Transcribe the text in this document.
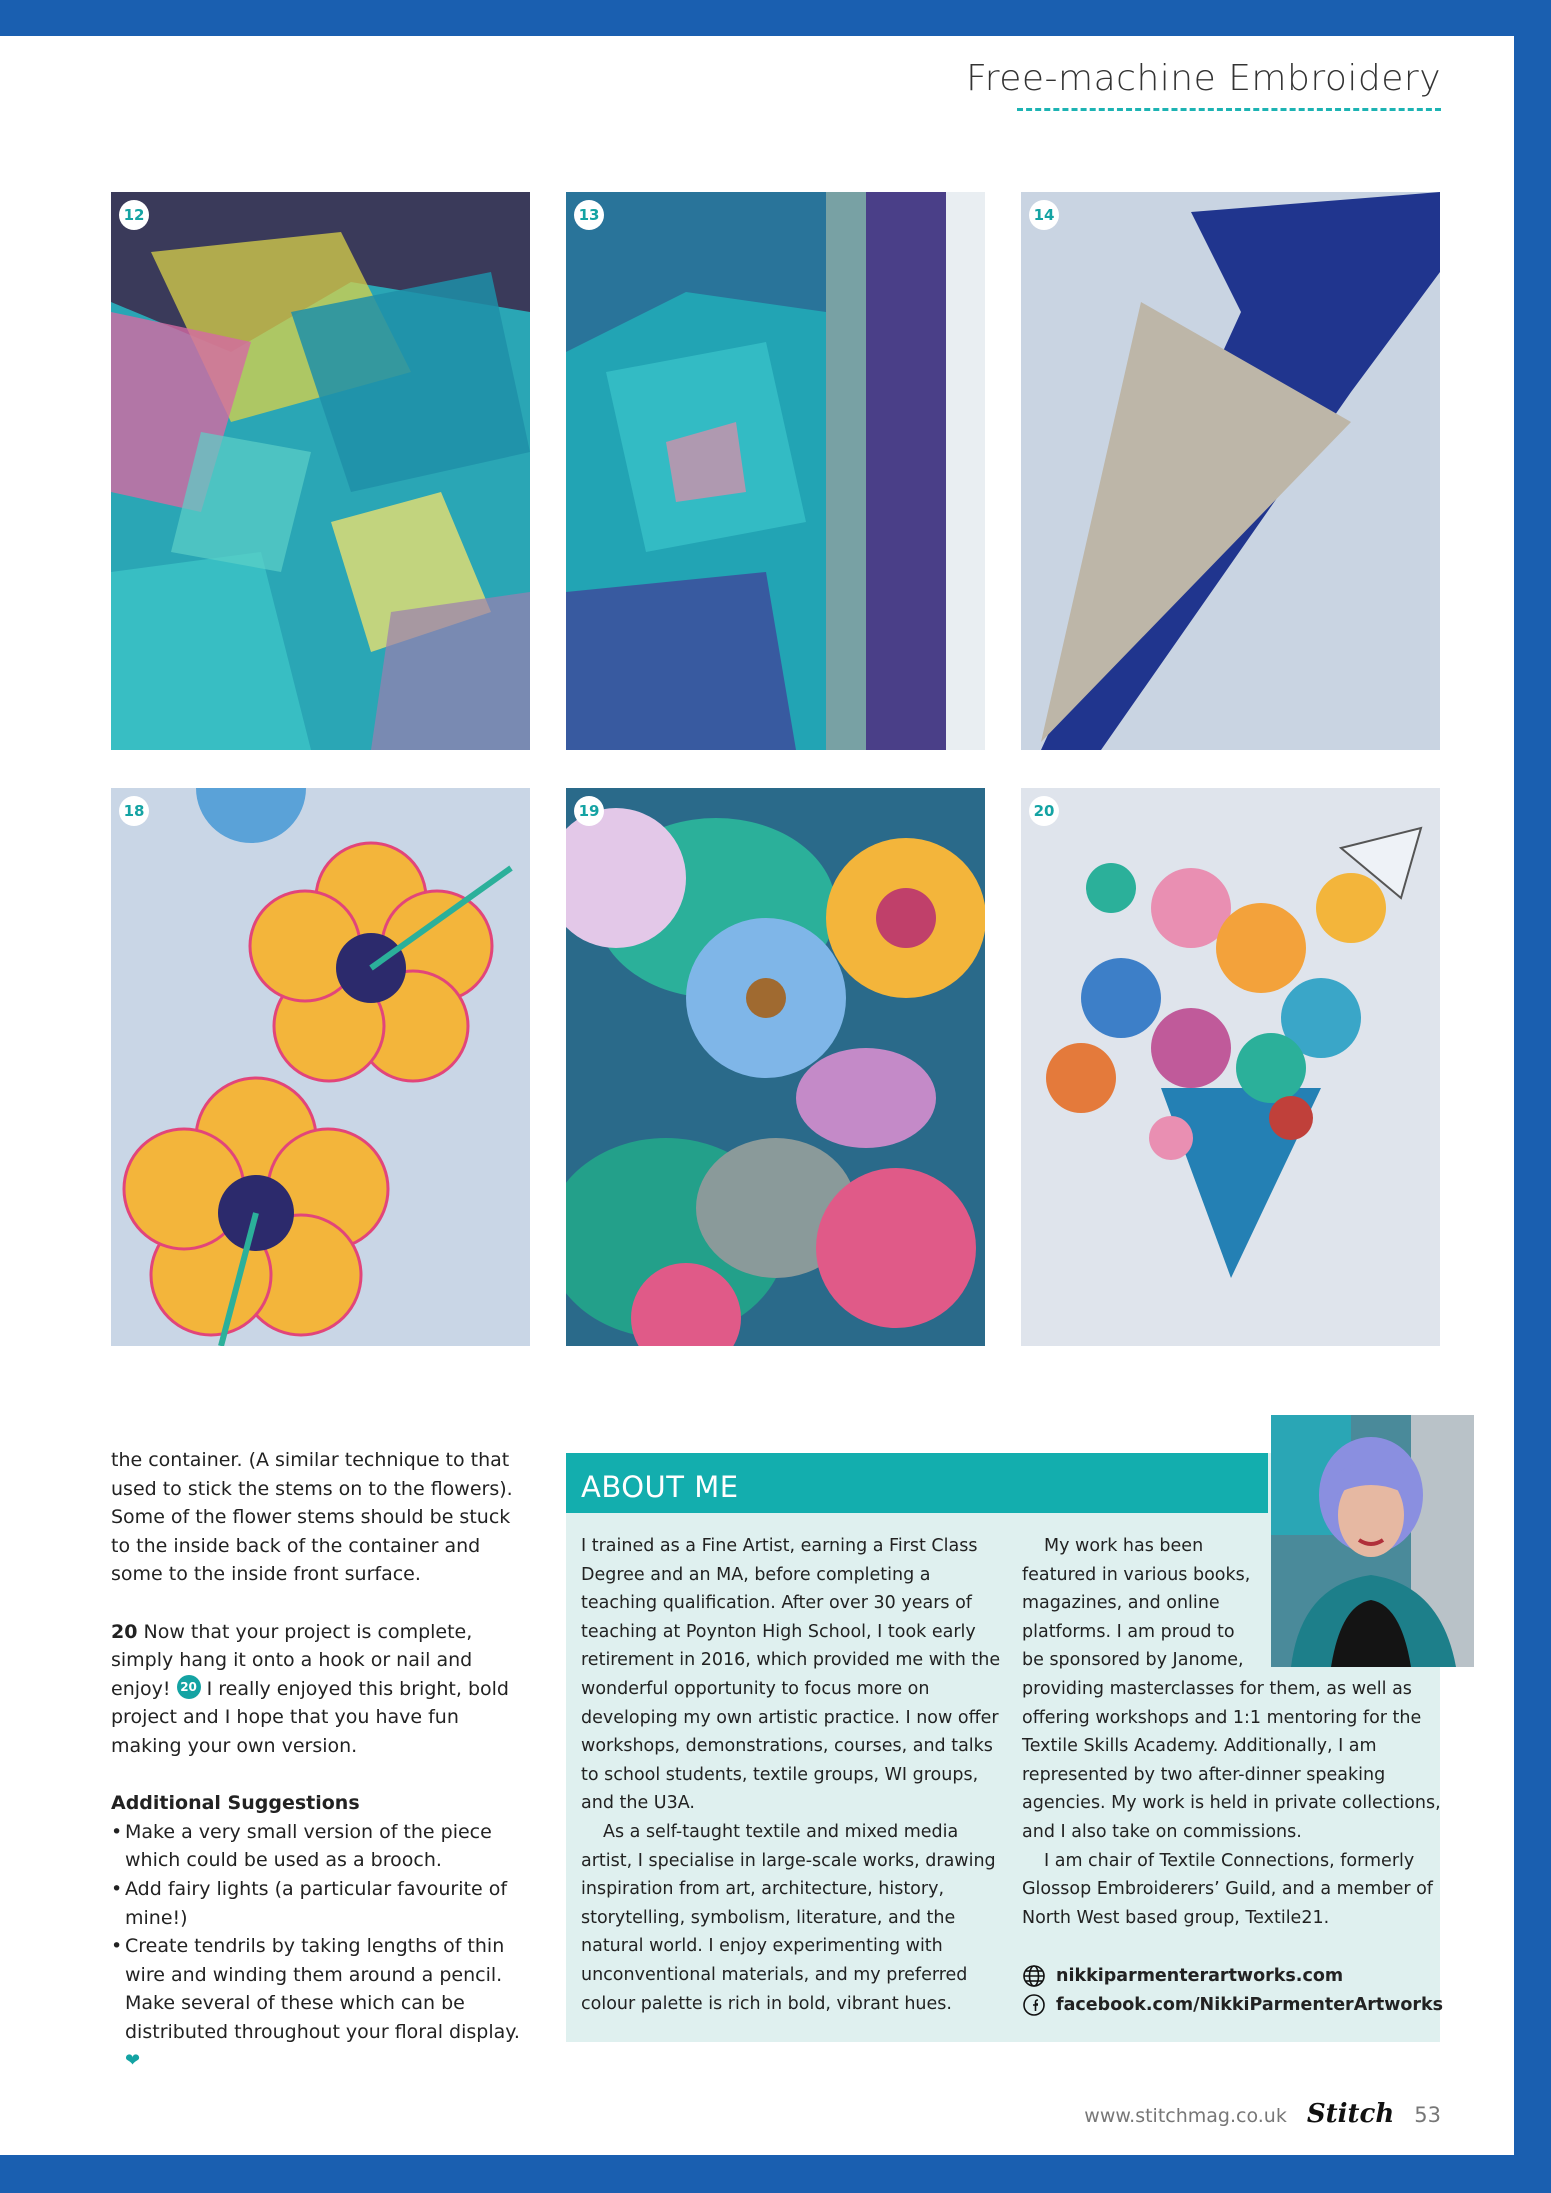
Free-machine Embroidery
12	13	14
18	19	20

the container. (A similar technique to that used to stick the stems on to the flowers). Some of the flower stems should be stuck to the inside back of the container and some to the inside front surface.

20 Now that your project is complete, simply hang it onto a hook or nail and enjoy! 20 I really enjoyed this bright, bold project and I hope that you have fun making your own version.

Additional Suggestions

• Make a very small version of the piece which could be used as a brooch.
• Add fairy lights (a particular favourite of mine!)
• Create tendrils by taking lengths of thin wire and winding them around a pencil. Make several of these which can be distributed throughout your floral display. ❤
ABOUT ME

I trained as a Fine Artist, earning a First Class Degree and an MA, before completing a teaching qualification. After over 30 years of teaching at Poynton High School, I took early retirement in 2016, which provided me with the wonderful opportunity to focus more on developing my own artistic practice. I now offer workshops, demonstrations, courses, and talks to school students, textile groups, WI groups, and the U3A.

As a self-taught textile and mixed media artist, I specialise in large-scale works, drawing inspiration from art, architecture, history, storytelling, symbolism, literature, and the natural world. I enjoy experimenting with unconventional materials, and my preferred colour palette is rich in bold, vibrant hues.

My work has been
featured in various books,
magazines, and online
platforms. I am proud to
be sponsored by Janome,

providing masterclasses for them, as well as offering workshops and 1:1 mentoring for the Textile Skills Academy. Additionally, I am represented by two after-dinner speaking agencies. My work is held in private collections, and I also take on commissions.

I am chair of Textile Connections, formerly Glossop Embroiderers’ Guild, and a member of North West based group, Textile21.

nikkiparmenterartworks.com
facebook.com/NikkiParmenterArtworks
www.stitchmag.co.uk Stitch 53
